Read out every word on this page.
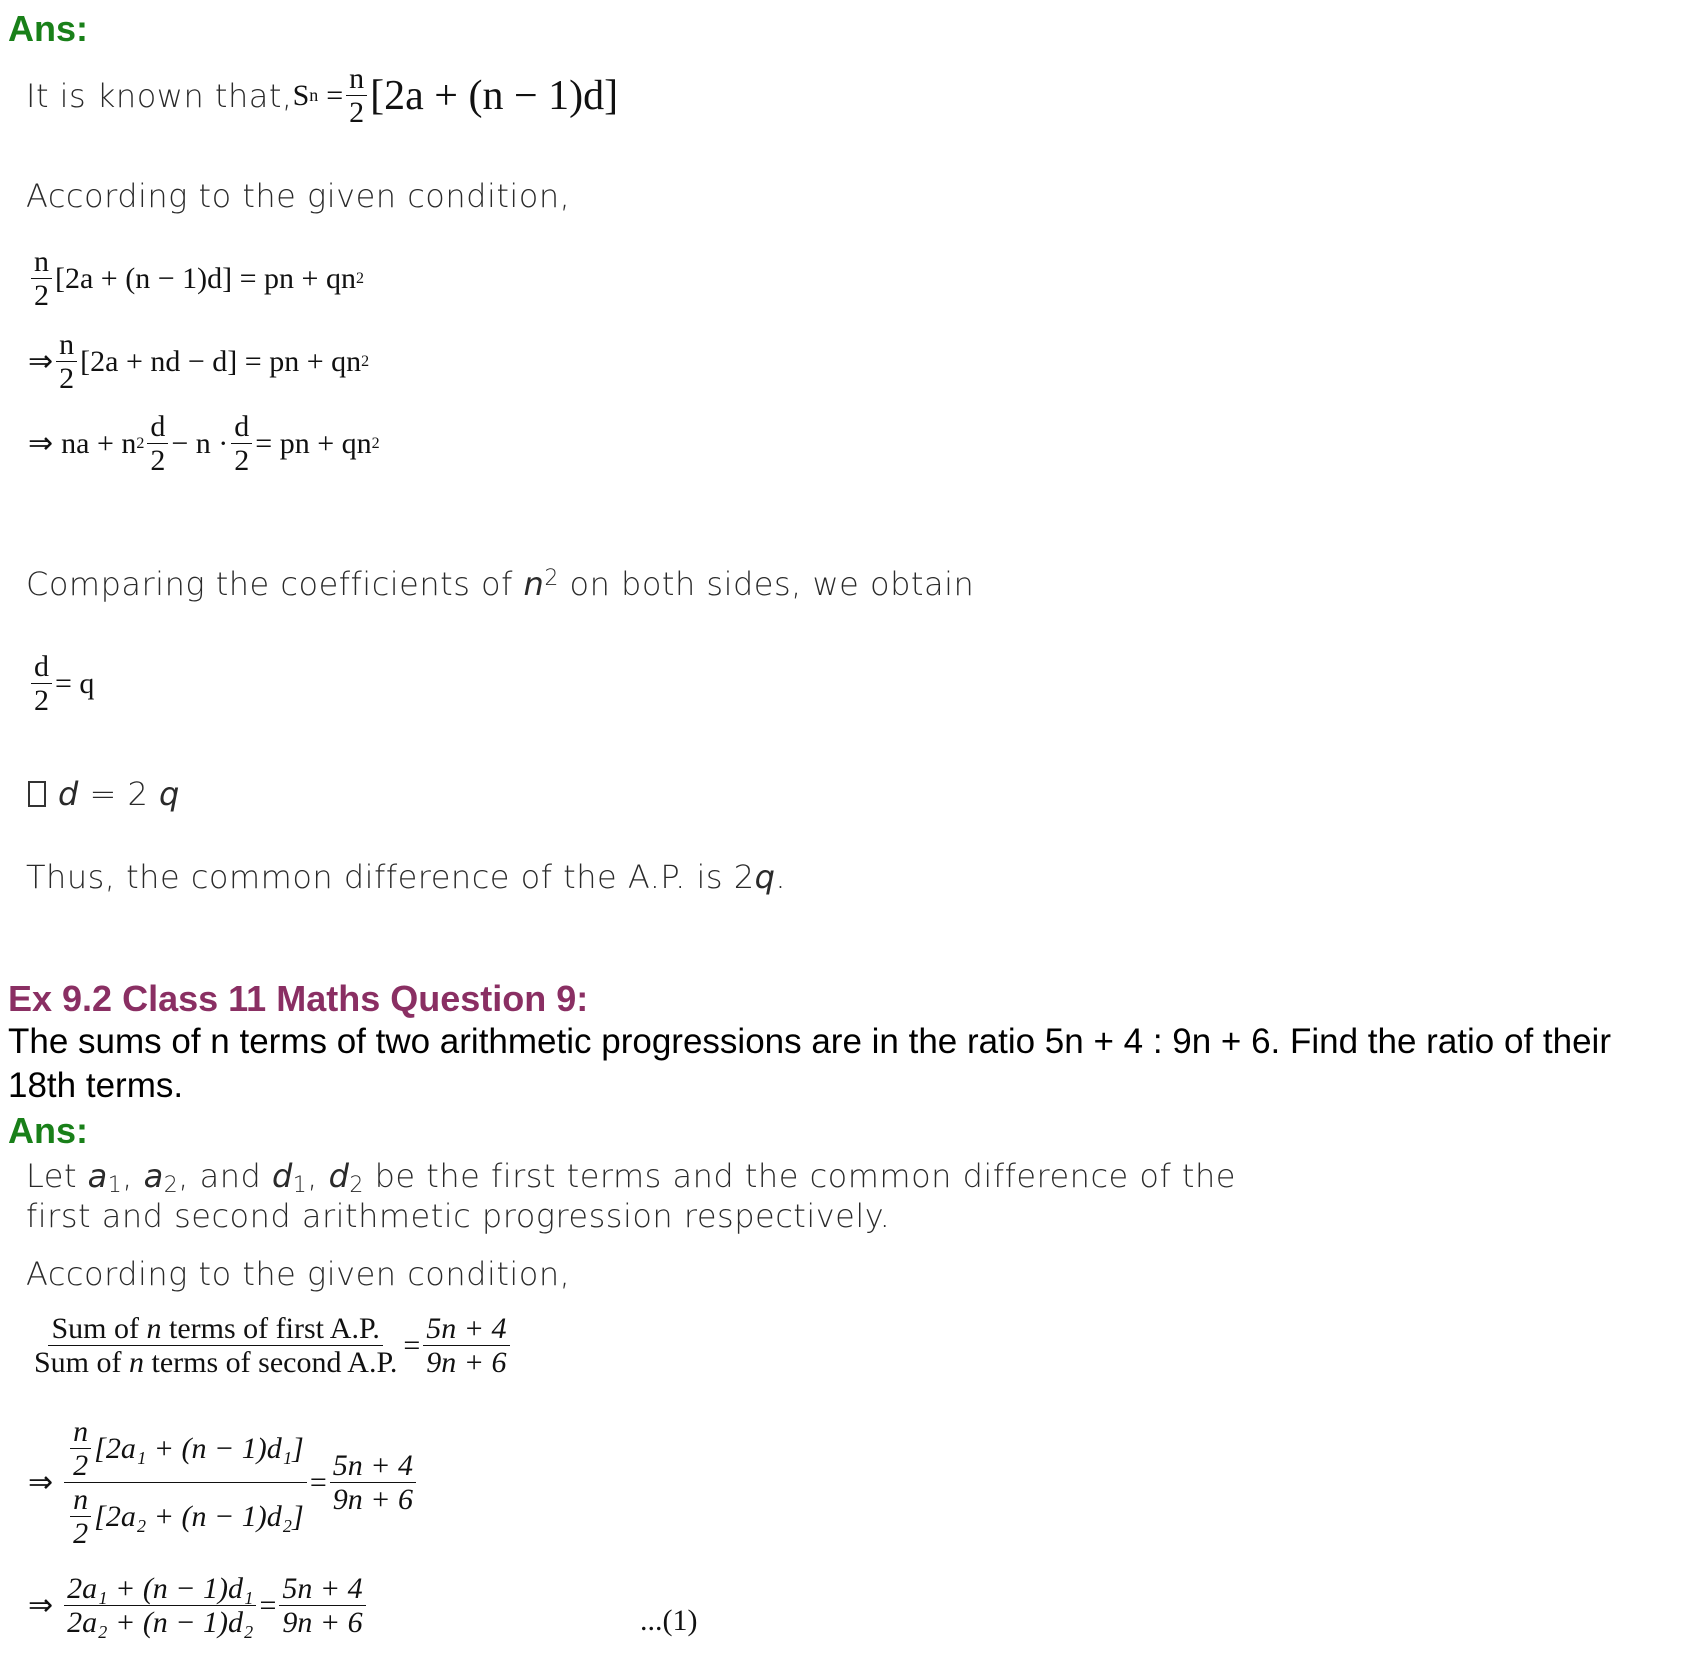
Ans:
It is known that, S $n = \frac{n}{2} [2a + (n - 1)d]$
According to the given condition,
$\frac{n}{2} [2a + (n - 1)d]$ = pn + qn 2
⇒ $\frac{n}{2} [2a$ + nd − d] = pn + qn 2
⇒ na + n $2 \frac{d}{2} - n \cdot \frac{d}{2}$ = pn + qn 2
Comparing the coefficients of $n^2$ on both sides, we obtain
$\frac{d}{2} = q$
d = 2 q
Thus, the common difference of the A.P. is 2q.
Ex 9.2 Class 11 Maths Question 9:
The sums of n terms of two arithmetic progressions are in the ratio 5n + 4 : 9n + 6. Find the ratio of their 18th terms.
Ans:
Let a1, a2, and d1, d2 be the first terms and the common difference of the
first and second arithmetic progression respectively.
According to the given condition,
$\frac{\text{Sum of n terms of first A.P.}}{\text{Sum of n terms of second A.P.}} = \frac{5n + 4}{9n + 6}$
⇒ $\frac{\frac{n}{2} [2a_1 + (n - 1)d_1]}{\frac{n}{2} [2a_2 + (n - 1)d_2]} = \frac{5n + 4}{9n + 6}$
⇒ $\frac{\text{2a₁ + (n − 1)d₁}}{\text{2a₂ + (n − 1)d₂}} = \frac{5n + 4}{9n + 6}$	...(1)
